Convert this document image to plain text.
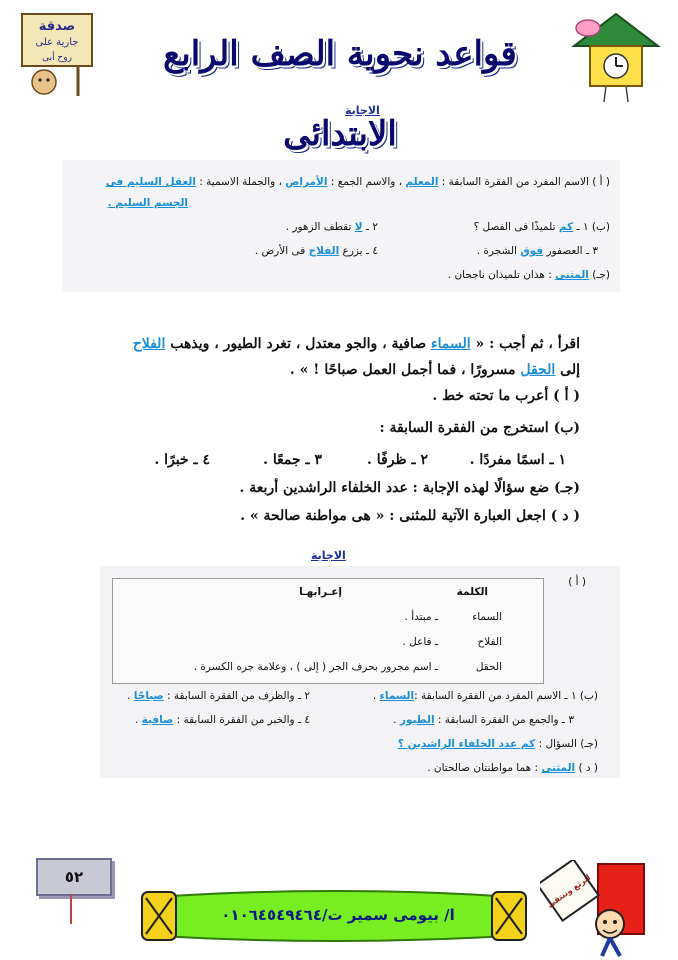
صدقة
جارية على
روح أبى	قواعد نحوية الصف الرابع الابتدائى
الاجابة
( أ ) الاسم المفرد من الفقرة السابقة : المعلم ، والاسم الجمع : الأمراض ، والجملة الاسمية : العقل السليم فى
الجسم السليم .
(ب) ١ ـ كم تلميذًا فى الفصل ؟
٢ ـ لا تقطف الزهور .
٣ ـ العصفور فوق الشجرة .
٤ ـ يزرع الفلاح فى الأرض .
(جـ) المثنى : هذان تلميذان ناجحان .
اقرأ ، ثم أجب : « السماء صافية ، والجو معتدل ، تغرد الطيور ، ويذهب الفلاح
إلى الحقل مسرورًا ، فما أجمل العمل صباحًا ! » .
( أ ) أعرب ما تحته خط .
(ب) استخرج من الفقرة السابقة :
١ ـ اسمًا مفردًا .
٢ ـ ظرفًا .
٣ ـ جمعًا .
٤ ـ خبرًا .
(جـ) ضع سؤالًا لهذه الإجابة : عدد الخلفاء الراشدين أربعة .
( د ) اجعل العبارة الآتية للمثنى : « هى مواطنة صالحة » .
الاجابة
( أ )
الكلمة
إعـرابهـا
السماء
ـ مبتدأ .
الفلاح
ـ فاعل .
الحقل
ـ اسم مجرور بحرف الجر ( إلى ) ، وعلامة جره الكسرة .
(ب) ١ ـ الاسم المفرد من الفقرة السابقة :السماء .
٢ ـ والظرف من الفقرة السابقة : صباحًا .
٣ ـ والجمع من الفقرة السابقة : الطيور .
٤ ـ والخبر من الفقرة السابقة : صافية .
(جـ) السؤال : كم عدد الخلفاء الراشدين ؟
( د ) المثنى : هما مواطنتان صالحتان .
٥٢
ا/ بيومى سمير ت/٠١٠٦٤٥٤٩٤٦٤
لنرتع وننتقي
